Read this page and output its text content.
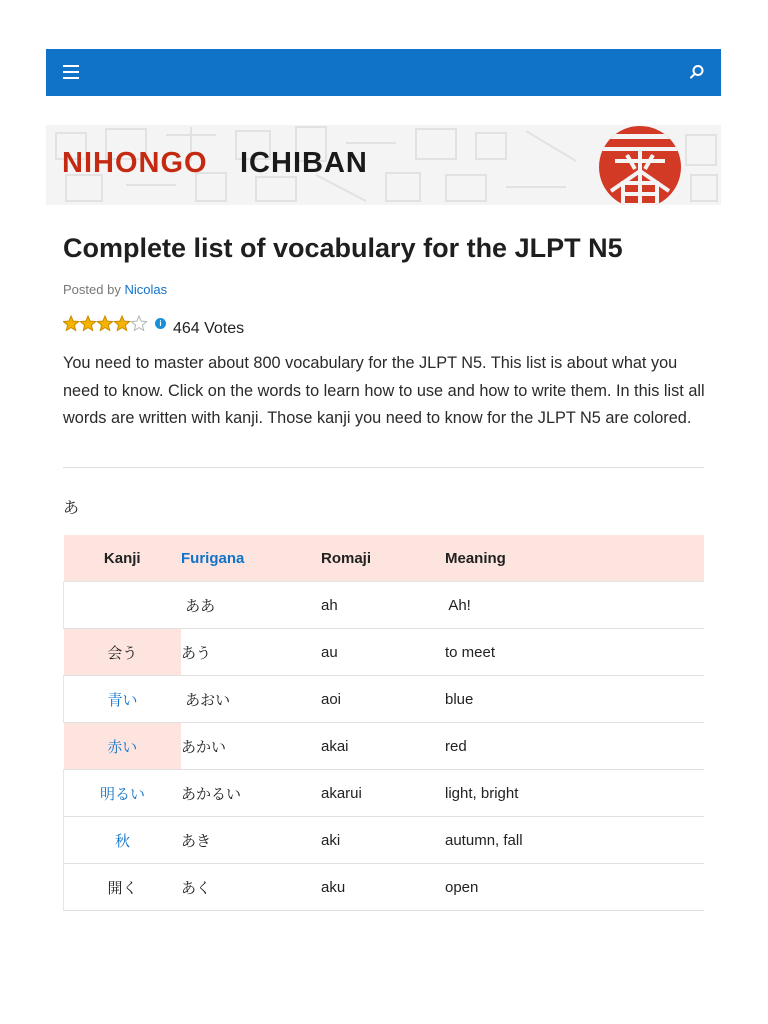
NIHONGO ICHIBAN
Complete list of vocabulary for the JLPT N5
Posted by Nicolas
i 464 Votes

You need to master about 800 vocabulary for the JLPT N5. This list is about what you need to know. Click on the words to learn how to use and how to write them. In this list all words are written with kanji. Those kanji you need to know for the JLPT N5 are colored.

あ
Kanji	Furigana	Romaji	Meaning
	ああ	ah	Ah!
会う	あう	au	to meet
青い	あおい	aoi	blue
赤い	あかい	akai	red
明るい	あかるい	akarui	light, bright
秋	あき	aki	autumn, fall
開く	あく	aku	open
